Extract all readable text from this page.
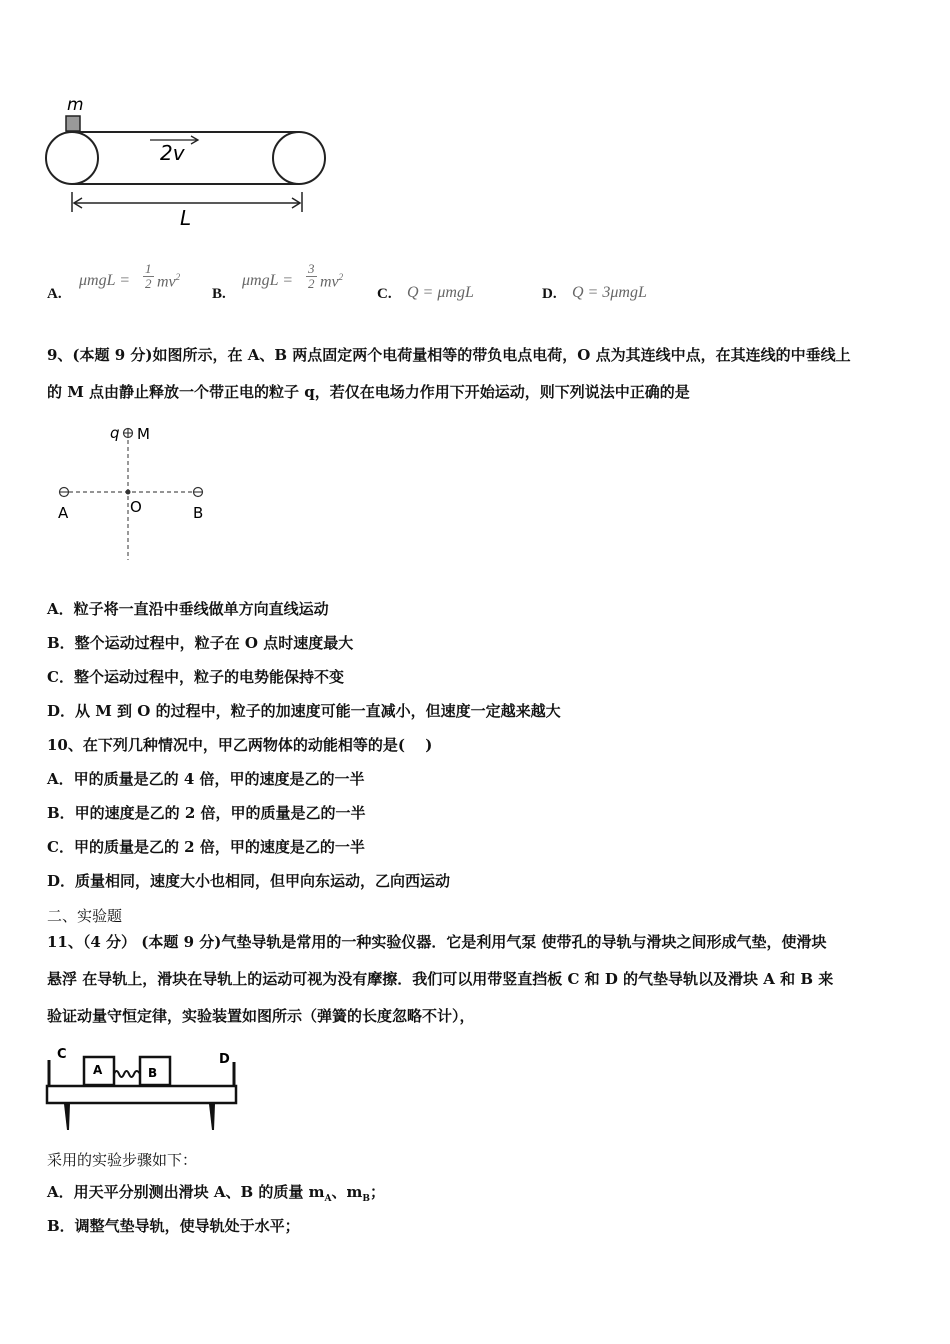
m
2v
L
A.
$\mu mgL = \frac{1}{2} mv^2$
B.
$\mu mgL = \frac{3}{2} mv^2$
C. Q = μmgL	D. Q = 3μmgL
9、(本题 9 分)如图所示，在 A、B 两点固定两个电荷量相等的带负电点电荷，O 点为其连线中点，在其连线的中垂线上
的 M 点由静止释放一个带正电的粒子 q，若仅在电场力作用下开始运动，则下列说法中正确的是
q M
A	O	B
A．粒子将一直沿中垂线做单方向直线运动
B．整个运动过程中，粒子在 O 点时速度最大
C．整个运动过程中，粒子的电势能保持不变
D．从 M 到 O 的过程中，粒子的加速度可能一直减小，但速度一定越来越大
10、在下列几种情况中，甲乙两物体的动能相等的是(　 )
A．甲的质量是乙的 4 倍，甲的速度是乙的一半
B．甲的速度是乙的 2 倍，甲的质量是乙的一半
C．甲的质量是乙的 2 倍，甲的速度是乙的一半
D．质量相同，速度大小也相同，但甲向东运动，乙向西运动
二、实验题
11、（4 分） (本题 9 分)气垫导轨是常用的一种实验仪器．它是利用气泵 使带孔的导轨与滑块之间形成气垫，使滑块
悬浮 在导轨上，滑块在导轨上的运动可视为没有摩擦．我们可以用带竖直挡板 C 和 D 的气垫导轨以及滑块 A 和 B 来
验证动量守恒定律，实验装置如图所示（弹簧的长度忽略不计），
C	D
A	B
采用的实验步骤如下：
A．用天平分别测出滑块 A、B 的质量 $m_A$、$m_B$；
B．调整气垫导轨，使导轨处于水平；
